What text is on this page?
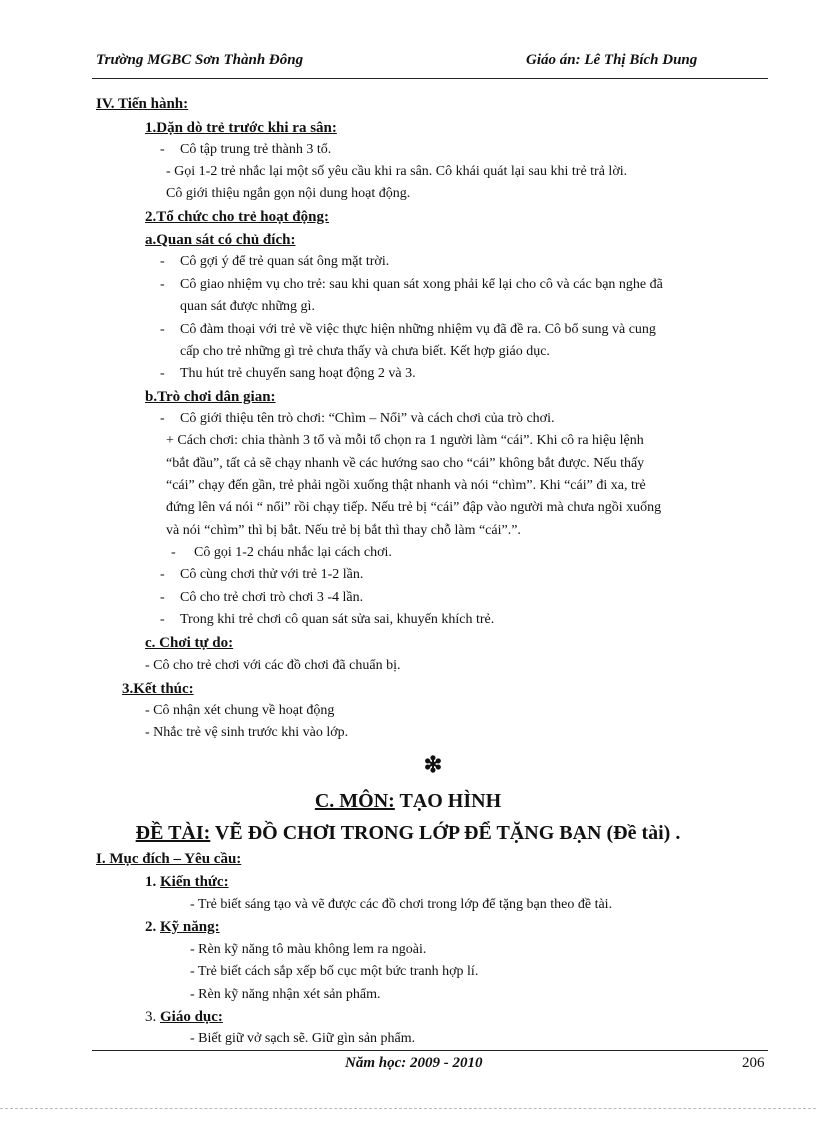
Trường MGBC Sơn Thành Đông	Giáo án: Lê Thị Bích Dung
IV. Tiến hành:
1.Dặn dò trẻ trước khi ra sân:
- Cô tập trung trẻ thành 3 tổ.
- Gọi 1-2 trẻ nhắc lại một số yêu cầu khi ra sân. Cô khái quát lại sau khi trẻ trả lời.
Cô giới thiệu ngắn gọn nội dung hoạt động.
2.Tổ chức cho trẻ hoạt động:
a.Quan sát có chủ đích:
- Cô gợi ý để trẻ quan sát ông mặt trời.
- Cô giao nhiệm vụ cho trẻ: sau khi quan sát xong phải kể lại cho cô và các bạn nghe đã
quan sát được những gì.
- Cô đàm thoại với trẻ về việc thực hiện những nhiệm vụ đã đề ra. Cô bổ sung và cung
cấp cho trẻ những gì trẻ chưa thấy và chưa biết. Kết hợp giáo dục.
- Thu hút trẻ chuyển sang hoạt động 2 và 3.
b.Trò chơi dân gian:
- Cô giới thiệu tên trò chơi: “Chìm – Nổi” và cách chơi của trò chơi.
+ Cách chơi: chia thành 3 tổ và mỗi tổ chọn ra 1 người làm “cái”. Khi cô ra hiệu lệnh
“bắt đầu”, tất cả sẽ chạy nhanh về các hướng sao cho “cái” không bắt được. Nếu thấy
“cái” chạy đến gần, trẻ phải ngồi xuống thật nhanh và nói “chìm”. Khi “cái” đi xa, trẻ
đứng lên vá nói “ nổi” rồi chạy tiếp. Nếu trẻ bị “cái” đập vào người mà chưa ngồi xuống
và nói “chìm” thì bị bắt. Nếu trẻ bị bắt thì thay chỗ làm “cái”.”.
- Cô gọi 1-2 cháu nhắc lại cách chơi.
- Cô cùng chơi thử với trẻ 1-2 lần.
- Cô cho trẻ chơi trò chơi 3 -4 lần.
- Trong khi trẻ chơi cô quan sát sửa sai, khuyến khích trẻ.
c. Chơi tự do:
- Cô cho trẻ chơi với các đồ chơi đã chuẩn bị.
3.Kết thúc:
- Cô nhận xét chung về hoạt động
- Nhắc trẻ vệ sinh trước khi vào lớp.
❇
C. MÔN: TẠO HÌNH
ĐỀ TÀI: VẼ ĐỒ CHƠI TRONG LỚP ĐỂ TẶNG BẠN (Đề tài) .
I. Mục đích – Yêu cầu:
1. Kiến thức:
- Trẻ biết sáng tạo và vẽ được các đồ chơi trong lớp để tặng bạn theo đề tài.
2. Kỹ năng:
- Rèn kỹ năng tô màu không lem ra ngoài.
- Trẻ biết cách sắp xếp bố cục một bức tranh hợp lí.
- Rèn kỹ năng nhận xét sản phẩm.
3. Giáo dục:
- Biết giữ vở sạch sẽ. Giữ gìn sản phẩm.
Năm học: 2009 - 2010	206
